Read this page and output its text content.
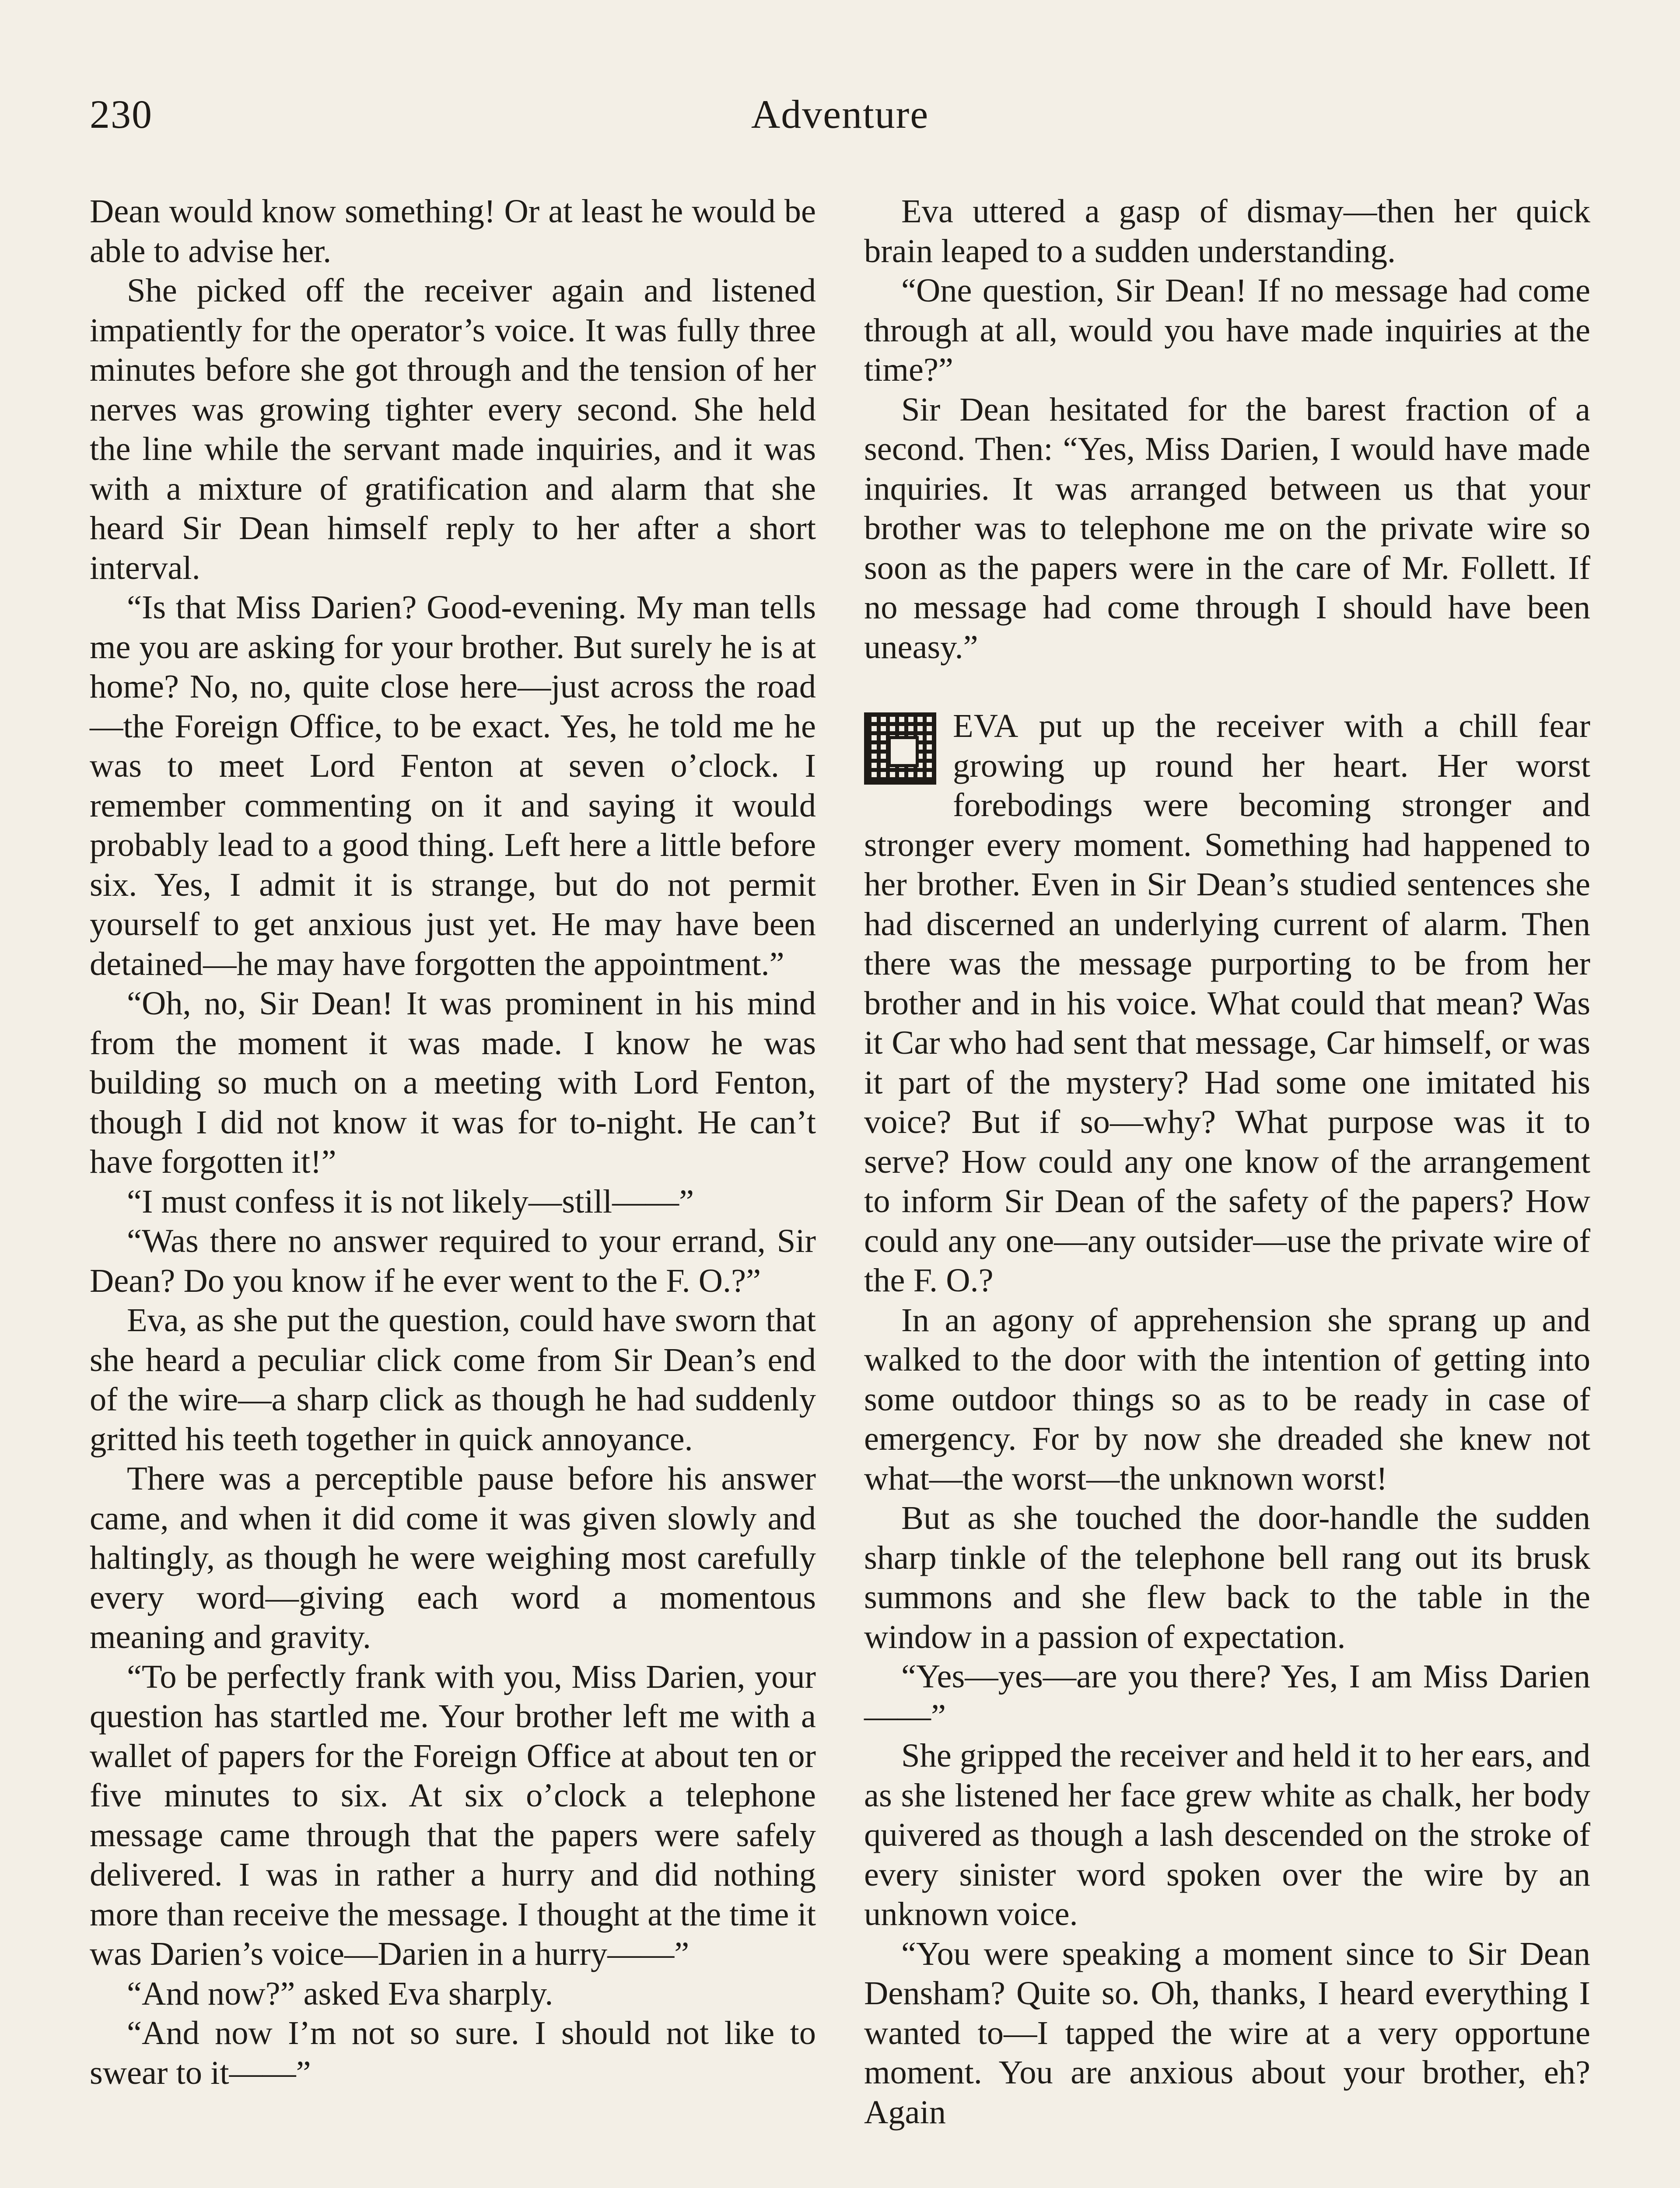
230	Adventure

Dean would know something! Or at least he would be able to advise her.

She picked off the receiver again and listened impatiently for the operator’s voice. It was fully three minutes before she got through and the tension of her nerves was growing tighter every second. She held the line while the servant made inquiries, and it was with a mixture of gratification and alarm that she heard Sir Dean himself reply to her after a short interval.

“Is that Miss Darien? Good-evening. My man tells me you are asking for your brother. But surely he is at home? No, no, quite close here—just across the road—the Foreign Office, to be exact. Yes, he told me he was to meet Lord Fenton at seven o’clock. I remember commenting on it and saying it would probably lead to a good thing. Left here a little before six. Yes, I admit it is strange, but do not permit yourself to get anxious just yet. He may have been detained—he may have forgotten the appointment.”

“Oh, no, Sir Dean! It was prominent in his mind from the moment it was made. I know he was building so much on a meeting with Lord Fenton, though I did not know it was for to-night. He can’t have forgotten it!”

“I must confess it is not likely—still——”

“Was there no answer required to your errand, Sir Dean? Do you know if he ever went to the F. O.?”

Eva, as she put the question, could have sworn that she heard a peculiar click come from Sir Dean’s end of the wire—a sharp click as though he had suddenly gritted his teeth together in quick annoyance.

There was a perceptible pause before his answer came, and when it did come it was given slowly and haltingly, as though he were weighing most carefully every word—giving each word a momentous meaning and gravity.

“To be perfectly frank with you, Miss Darien, your question has startled me. Your brother left me with a wallet of papers for the Foreign Office at about ten or five minutes to six. At six o’clock a telephone message came through that the papers were safely delivered. I was in rather a hurry and did nothing more than receive the message. I thought at the time it was Darien’s voice—Darien in a hurry——”

“And now?” asked Eva sharply.

“And now I’m not so sure. I should not like to swear to it——”

Eva uttered a gasp of dismay—then her quick brain leaped to a sudden understanding.

“One question, Sir Dean! If no message had come through at all, would you have made inquiries at the time?”

Sir Dean hesitated for the barest fraction of a second. Then: “Yes, Miss Darien, I would have made inquiries. It was arranged between us that your brother was to telephone me on the private wire so soon as the papers were in the care of Mr. Follett. If no message had come through I should have been uneasy.”

EVA put up the receiver with a chill fear growing up round her heart. Her worst forebodings were becoming stronger and stronger every moment. Something had happened to her brother. Even in Sir Dean’s studied sentences she had discerned an underlying current of alarm. Then there was the message purporting to be from her brother and in his voice. What could that mean? Was it Car who had sent that message, Car himself, or was it part of the mystery? Had some one imitated his voice? But if so—why? What purpose was it to serve? How could any one know of the arrangement to inform Sir Dean of the safety of the papers? How could any one—any outsider—use the private wire of the F. O.?

In an agony of apprehension she sprang up and walked to the door with the intention of getting into some outdoor things so as to be ready in case of emergency. For by now she dreaded she knew not what—the worst—the unknown worst!

But as she touched the door-handle the sudden sharp tinkle of the telephone bell rang out its brusk summons and she flew back to the table in the window in a passion of expectation.

“Yes—yes—are you there? Yes, I am Miss Darien——”

She gripped the receiver and held it to her ears, and as she listened her face grew white as chalk, her body quivered as though a lash descended on the stroke of every sinister word spoken over the wire by an unknown voice.

“You were speaking a moment since to Sir Dean Densham? Quite so. Oh, thanks, I heard everything I wanted to—I tapped the wire at a very opportune moment. You are anxious about your brother, eh? Again
